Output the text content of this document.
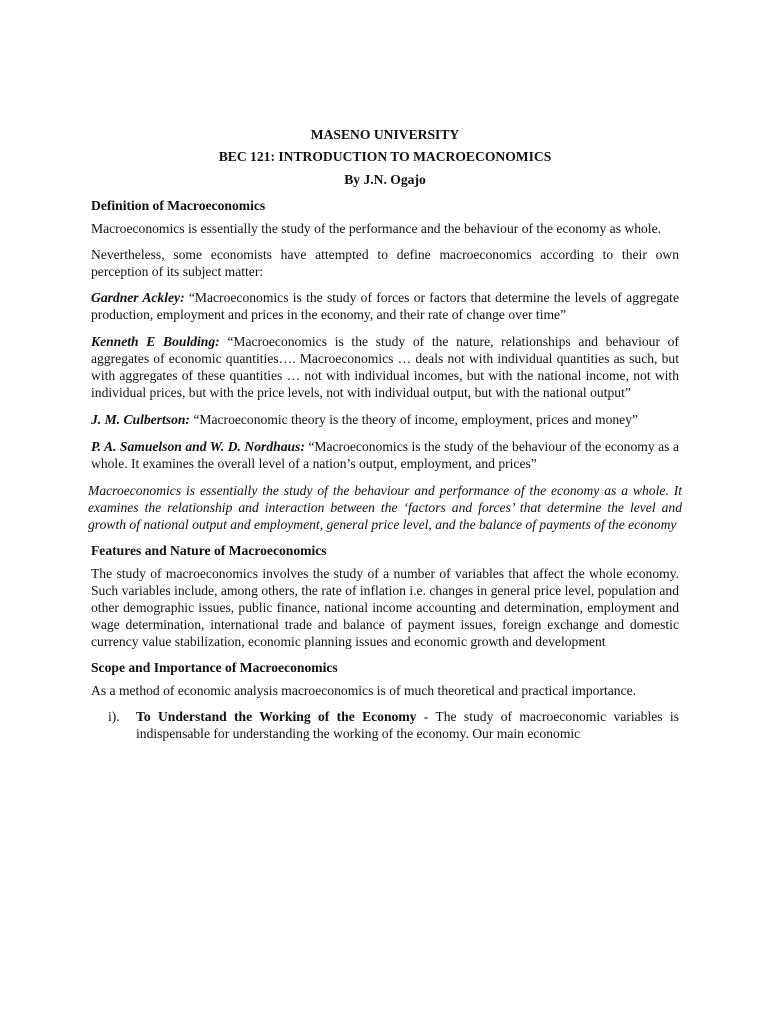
MASENO UNIVERSITY
BEC 121: INTRODUCTION TO MACROECONOMICS
By J.N. Ogajo
Definition of Macroeconomics

Macroeconomics is essentially the study of the performance and the behaviour of the economy as whole.

Nevertheless, some economists have attempted to define macroeconomics according to their own perception of its subject matter:

Gardner Ackley: “Macroeconomics is the study of forces or factors that determine the levels of aggregate production, employment and prices in the economy, and their rate of change over time”

Kenneth E Boulding: “Macroeconomics is the study of the nature, relationships and behaviour of aggregates of economic quantities…. Macroeconomics … deals not with individual quantities as such, but with aggregates of these quantities … not with individual incomes, but with the national income, not with individual prices, but with the price levels, not with individual output, but with the national output”

J. M. Culbertson: “Macroeconomic theory is the theory of income, employment, prices and money”

P. A. Samuelson and W. D. Nordhaus: “Macroeconomics is the study of the behaviour of the economy as a whole. It examines the overall level of a nation’s output, employment, and prices”

Macroeconomics is essentially the study of the behaviour and performance of the economy as a whole. It examines the relationship and interaction between the ‘factors and forces’ that determine the level and growth of national output and employment, general price level, and the balance of payments of the economy

Features and Nature of Macroeconomics

The study of macroeconomics involves the study of a number of variables that affect the whole economy. Such variables include, among others, the rate of inflation i.e. changes in general price level, population and other demographic issues, public finance, national income accounting and determination, employment and wage determination, international trade and balance of payment issues, foreign exchange and domestic currency value stabilization, economic planning issues and economic growth and development

Scope and Importance of Macroeconomics

As a method of economic analysis macroeconomics is of much theoretical and practical importance.

i). To Understand the Working of the Economy - The study of macroeconomic variables is indispensable for understanding the working of the economy. Our main economic
